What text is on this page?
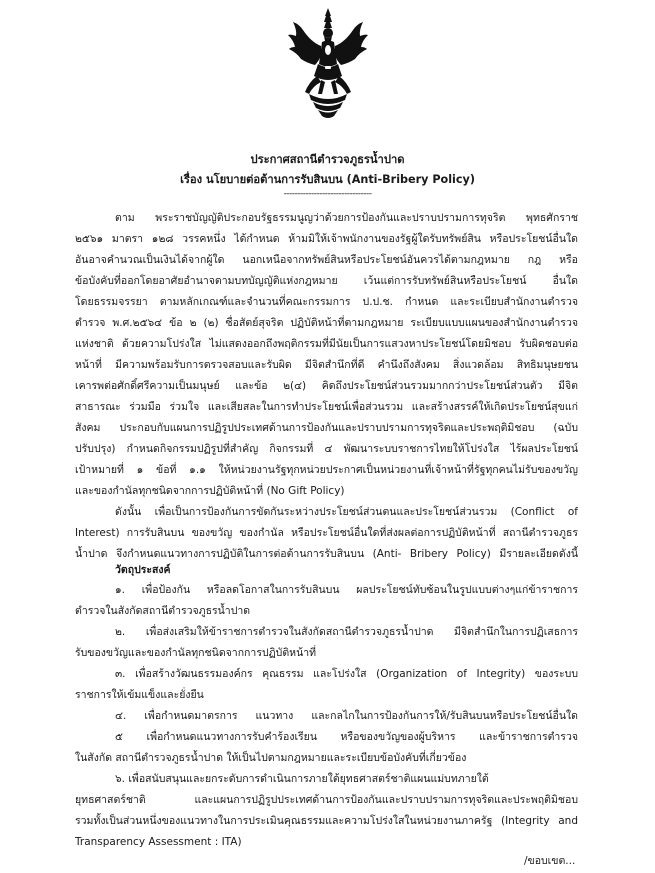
ประกาศสถานีตำรวจภูธรน้ำปาด
เรื่อง นโยบายต่อต้านการรับสินบน (Anti-Bribery Policy)
--------------------------------
ตาม พระราชบัญญัติประกอบรัฐธรรมนูญว่าด้วยการป้องกันและปราบปรามการทุจริต พุทธศักราช
๒๕๖๑ มาตรา ๑๒๘ วรรคหนึ่ง ได้กำหนด ห้ามมิให้เจ้าพนักงานของรัฐผู้ใดรับทรัพย์สิน หรือประโยชน์อื่นใด
อันอาจคำนวณเป็นเงินได้จากผู้ใด นอกเหนือจากทรัพย์สินหรือประโยชน์อันควรได้ตามกฎหมาย กฎ หรือ
ข้อบังคับที่ออกโดยอาศัยอำนาจตามบทบัญญัติแห่งกฎหมาย เว้นแต่การรับทรัพย์สินหรือประโยชน์ อื่นใด
โดยธรรมจรรยา ตามหลักเกณฑ์และจำนวนที่คณะกรรมการ ป.ป.ช. กำหนด และระเบียบสำนักงานตำรวจ
ตำรวจ พ.ศ.๒๕๖๔ ข้อ ๒ (๒) ซื่อสัตย์สุจริต ปฏิบัติหน้าที่ตามกฎหมาย ระเบียบแบบแผนของสำนักงานตำรวจ
แห่งชาติ ด้วยความโปร่งใส ไม่แสดงออกถึงพฤติกรรมที่มีนัยเป็นการแสวงหาประโยชน์โดยมิชอบ รับผิดชอบต่อ
หน้าที่ มีความพร้อมรับการตรวจสอบและรับผิด มีจิตสำนึกที่ดี คำนึงถึงสังคม สิ่งแวดล้อม สิทธิมนุษยชน
เคารพต่อศักดิ์ศรีความเป็นมนุษย์ และข้อ ๒(๔) คิดถึงประโยชน์ส่วนรวมมากกว่าประโยชน์ส่วนตัว มีจิต
สาธารณะ ร่วมมือ ร่วมใจ และเสียสละในการทำประโยชน์เพื่อส่วนรวม และสร้างสรรค์ให้เกิดประโยชน์สุขแก่
สังคม ประกอบกับแผนการปฏิรูปประเทศด้านการป้องกันและปราบปรามการทุจริตและประพฤติมิชอบ (ฉบับ
ปรับปรุง) กำหนดกิจกรรมปฏิรูปที่สำคัญ กิจกรรมที่ ๔ พัฒนาระบบราชการไทยให้โปร่งใส ไร้ผลประโยชน์
เป้าหมายที่ ๑ ข้อที่ ๑.๑ ให้หน่วยงานรัฐทุกหน่วยประกาศเป็นหน่วยงานที่เจ้าหน้าที่รัฐทุกคนไม่รับของขวัญ
และของกำนัลทุกชนิดจากการปฏิบัติหน้าที่ (No Gift Policy)
ดังนั้น เพื่อเป็นการป้องกันการขัดกันระหว่างประโยชน์ส่วนตนและประโยชน์ส่วนรวม (Conflict of
Interest) การรับสินบน ของขวัญ ของกำนัล หรือประโยชน์อื่นใดที่ส่งผลต่อการปฏิบัติหน้าที่ สถานีตำรวจภูธร
น้ำปาด จึงกำหนดแนวทางการปฏิบัติในการต่อต้านการรับสินบน (Anti- Bribery Policy) มีรายละเอียดดังนี้
วัตถุประสงค์
๑. เพื่อป้องกัน หรือลดโอกาสในการรับสินบน ผลประโยชน์ทับซ้อนในรูปแบบต่างๆแก่ข้าราชการ
ตำรวจในสังกัดสถานีตำรวจภูธรน้ำปาด
๒. เพื่อส่งเสริมให้ข้าราชการตำรวจในสังกัดสถานีตำรวจภูธรน้ำปาด มีจิตสำนึกในการปฏิเสธการ
รับของขวัญและของกำนัลทุกชนิดจากการปฏิบัติหน้าที่
๓. เพื่อสร้างวัฒนธรรมองค์กร คุณธรรม และโปร่งใส (Organization of Integrity) ของระบบ
ราชการให้เข้มแข็งและยั่งยืน
๔. เพื่อกำหนดมาตรการ แนวทาง และกลไกในการป้องกันการให้/รับสินบนหรือประโยชน์อื่นใด
๕ เพื่อกำหนดแนวทางการรับคำร้องเรียน หรือของขวัญของผู้บริหาร และข้าราชการตำรวจ
ในสังกัด สถานีตำรวจภูธรน้ำปาด ให้เป็นไปตามกฎหมายและระเบียบข้อบังคับที่เกี่ยวข้อง
๖. เพื่อสนับสนุนและยกระดับการดำเนินการภายใต้ยุทธศาสตร์ชาติแผนแม่บทภายใต้
ยุทธศาสตร์ชาติ และแผนการปฏิรูปประเทศด้านการป้องกันและปราบปรามการทุจริตและประพฤติมิชอบ
รวมทั้งเป็นส่วนหนึ่งของแนวทางในการประเมินคุณธรรมและความโปร่งใสในหน่วยงานภาครัฐ (Integrity and
Transparency Assessment : ITA)
/ขอบเขต...
